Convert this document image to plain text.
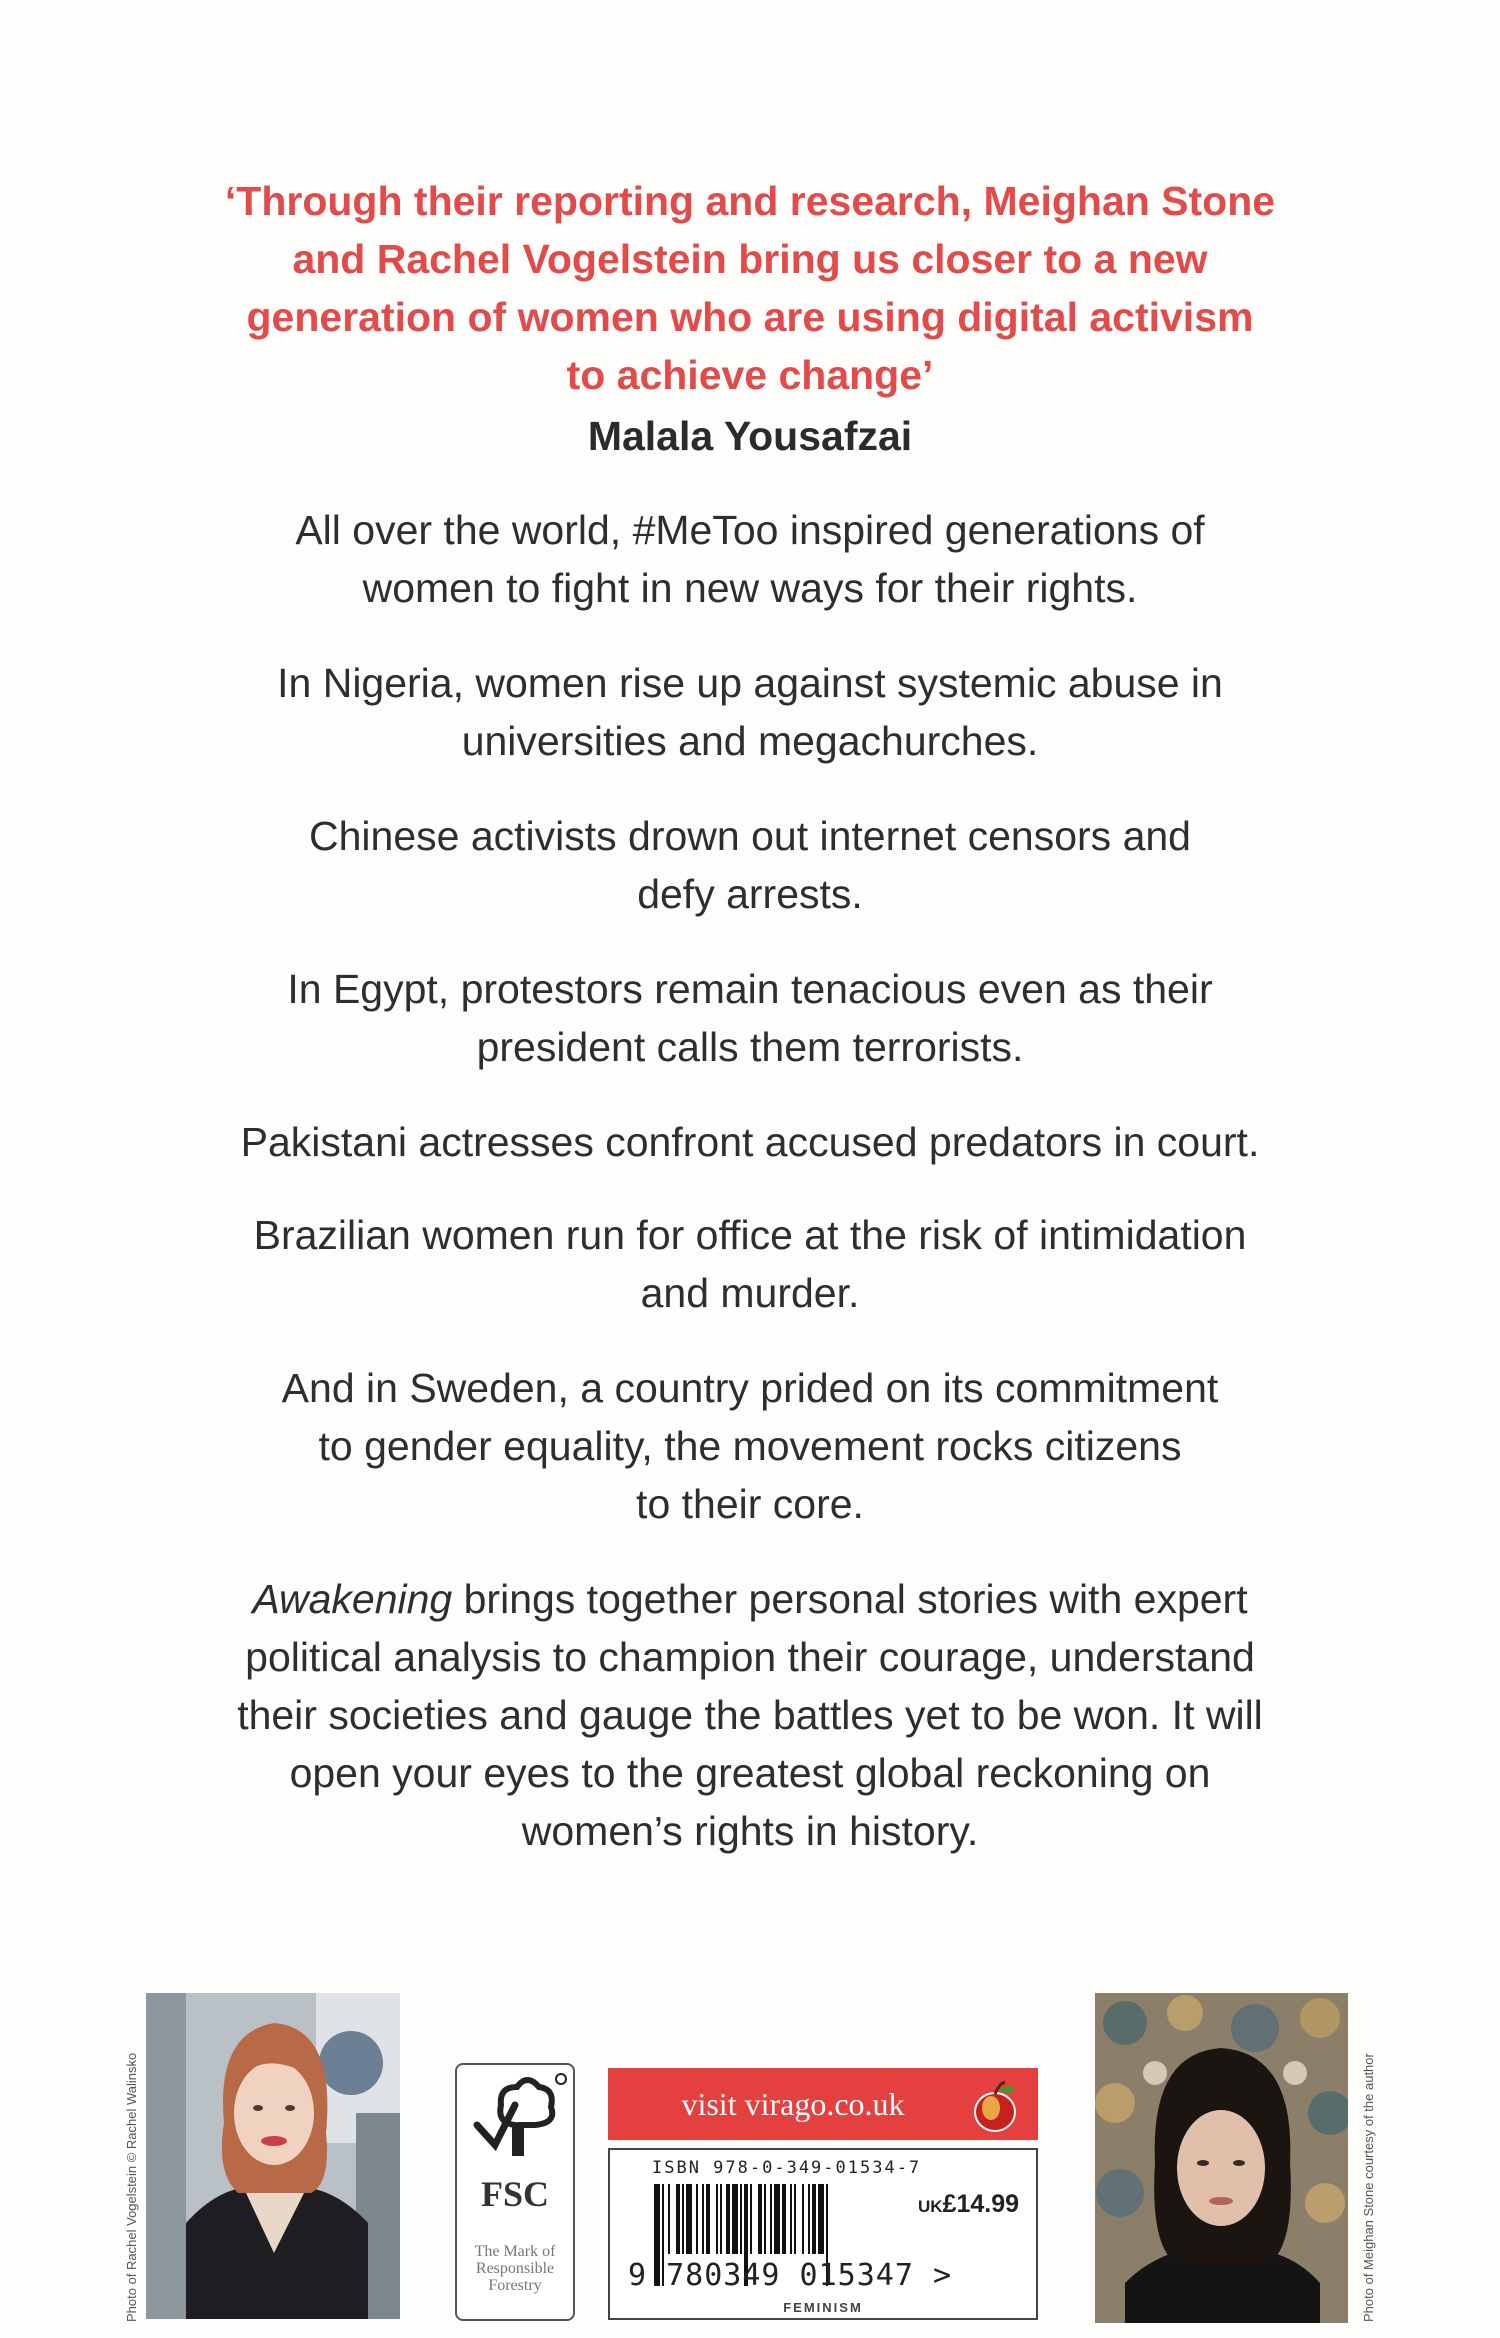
‘Through their reporting and research, Meighan Stone
and Rachel Vogelstein bring us closer to a new
generation of women who are using digital activism
to achieve change’
Malala Yousafzai
All over the world, #MeToo inspired generations of
women to fight in new ways for their rights.
In Nigeria, women rise up against systemic abuse in
universities and megachurches.
Chinese activists drown out internet censors and
defy arrests.
In Egypt, protestors remain tenacious even as their
president calls them terrorists.
Pakistani actresses confront accused predators in court.
Brazilian women run for office at the risk of intimidation
and murder.
And in Sweden, a country prided on its commitment
to gender equality, the movement rocks citizens
to their core.
Awakening brings together personal stories with expert
political analysis to champion their courage, understand
their societies and gauge the battles yet to be won. It will
open your eyes to the greatest global reckoning on
women’s rights in history.
Photo of Rachel Vogelstein © Rachel Walinsko	FSC
The Mark of
Responsible
Forestry
visit virago.co.uk
ISBN 978-0-349-01534-7
UK£14.99
9 780349 015347 >
FEMINISM	Photo of Meighan Stone courtesy of the author
